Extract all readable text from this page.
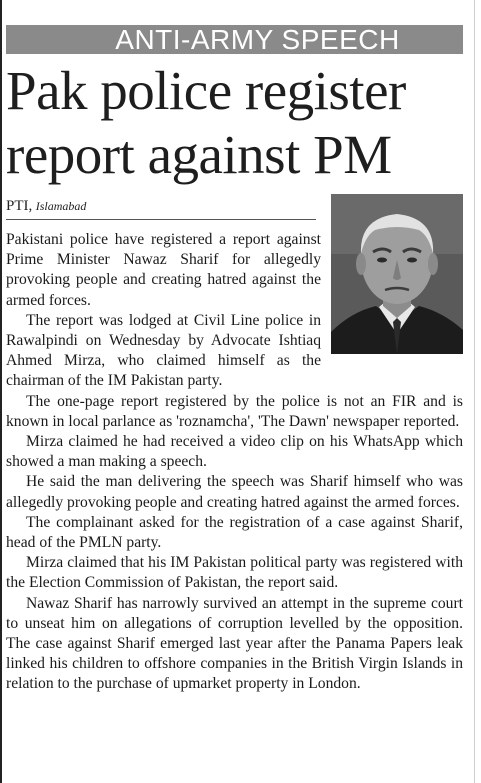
ANTI-ARMY SPEECH
Pak police register report against PM
PTI, Islamabad

Pakistani police have registered a report against Prime Minister Nawaz Sharif for allegedly provoking people and creating hatred against the armed forces.

The report was lodged at Civil Line police in Rawalpindi on Wednesday by Advocate Ishtiaq Ahmed Mirza, who claimed himself as the chairman of the IM Pakistan party.

The one-page report registered by the police is not an FIR and is known in local parlance as 'roznamcha', 'The Dawn' newspaper reported.

Mirza claimed he had received a video clip on his WhatsApp which showed a man making a speech.

He said the man delivering the speech was Sharif himself who was allegedly provoking people and creating hatred against the armed forces.

The complainant asked for the registration of a case against Sharif, head of the PMLN party.

Mirza claimed that his IM Pakistan political party was registered with the Election Commission of Pakistan, the report said.

Nawaz Sharif has narrowly survived an attempt in the supreme court to unseat him on allegations of corruption levelled by the opposition. The case against Sharif emerged last year after the Panama Papers leak linked his children to offshore companies in the British Virgin Islands in relation to the purchase of upmarket property in London.
